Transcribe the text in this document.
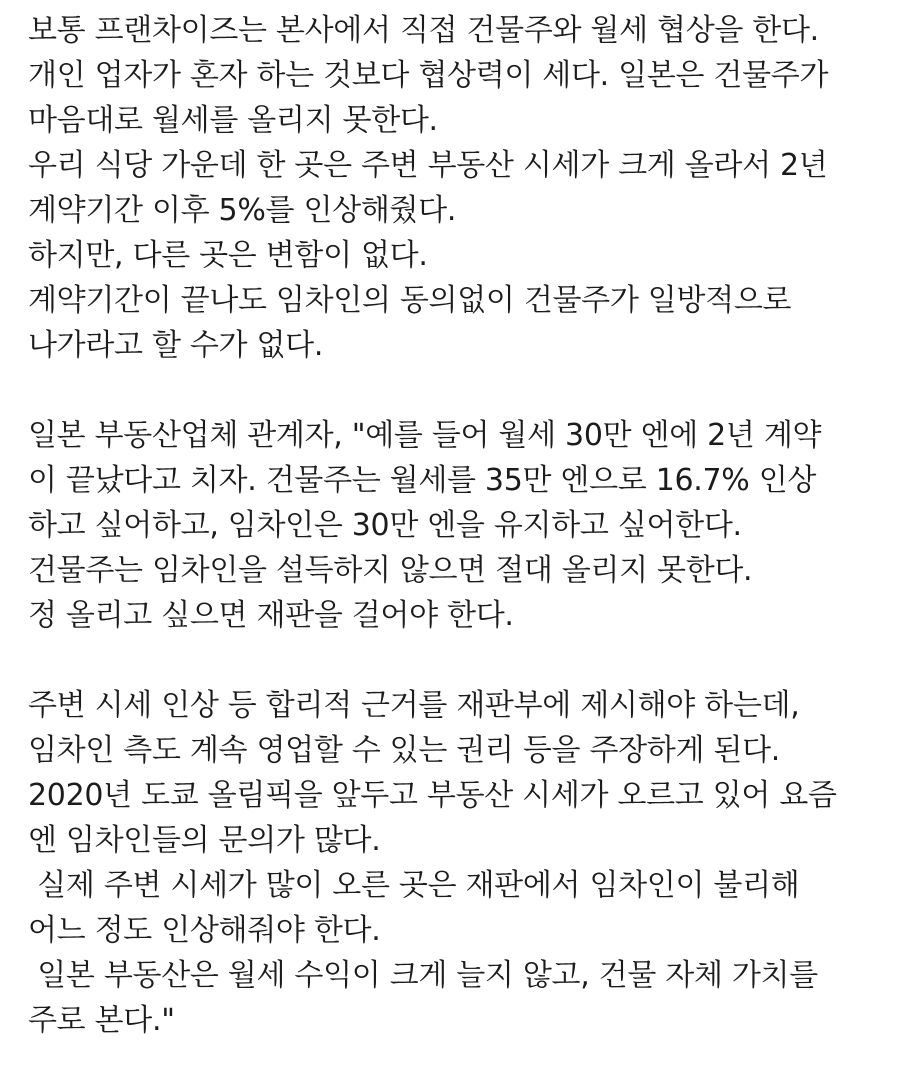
보통 프랜차이즈는 본사에서 직접 건물주와 월세 협상을 한다.
개인 업자가 혼자 하는 것보다 협상력이 세다. 일본은 건물주가
마음대로 월세를 올리지 못한다.
우리 식당 가운데 한 곳은 주변 부동산 시세가 크게 올라서 2년
계약기간 이후 5%를 인상해줬다.
하지만, 다른 곳은 변함이 없다.
계약기간이 끝나도 임차인의 동의없이 건물주가 일방적으로
나가라고 할 수가 없다.
일본 부동산업체 관계자, "예를 들어 월세 30만 엔에 2년 계약
이 끝났다고 치자. 건물주는 월세를 35만 엔으로 16.7% 인상
하고 싶어하고, 임차인은 30만 엔을 유지하고 싶어한다.
건물주는 임차인을 설득하지 않으면 절대 올리지 못한다.
정 올리고 싶으면 재판을 걸어야 한다.
주변 시세 인상 등 합리적 근거를 재판부에 제시해야 하는데,
임차인 측도 계속 영업할 수 있는 권리 등을 주장하게 된다.
2020년 도쿄 올림픽을 앞두고 부동산 시세가 오르고 있어 요즘
엔 임차인들의 문의가 많다.
실제 주변 시세가 많이 오른 곳은 재판에서 임차인이 불리해
어느 정도 인상해줘야 한다.
일본 부동산은 월세 수익이 크게 늘지 않고, 건물 자체 가치를
주로 본다."
